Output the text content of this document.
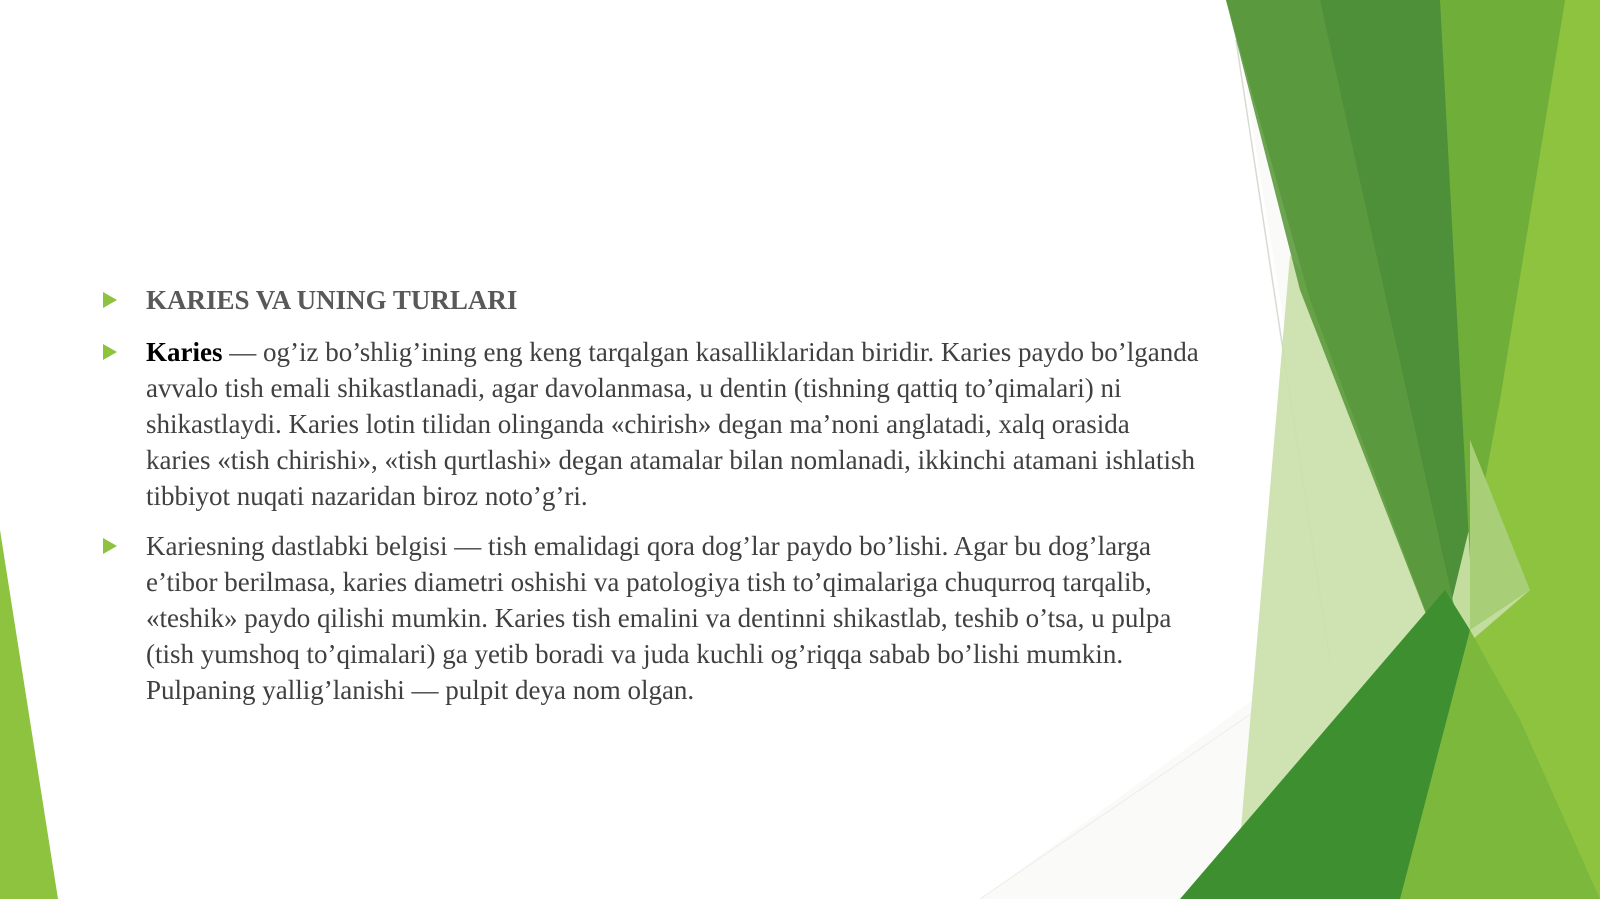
KARIES VA UNING TURLARI
Karies — og’iz bo’shlig’ining eng keng tarqalgan kasalliklaridan biridir. Karies paydo bo’lganda avvalo tish emali shikastlanadi, agar davolanmasa, u dentin (tishning qattiq to’qimalari) ni shikastlaydi. Karies lotin tilidan olinganda «chirish» degan ma’noni anglatadi, xalq orasida karies «tish chirishi», «tish qurtlashi» degan atamalar bilan nomlanadi, ikkinchi atamani ishlatish tibbiyot nuqati nazaridan biroz noto’g’ri.
Kariesning dastlabki belgisi — tish emalidagi qora dog’lar paydo bo’lishi. Agar bu dog’larga e’tibor berilmasa, karies diametri oshishi va patologiya tish to’qimalariga chuqurroq tarqalib, «teshik» paydo qilishi mumkin. Karies tish emalini va dentinni shikastlab, teshib o’tsa, u pulpa (tish yumshoq to’qimalari) ga yetib boradi va juda kuchli og’riqqa sabab bo’lishi mumkin. Pulpaning yallig’lanishi — pulpit deya nom olgan.
